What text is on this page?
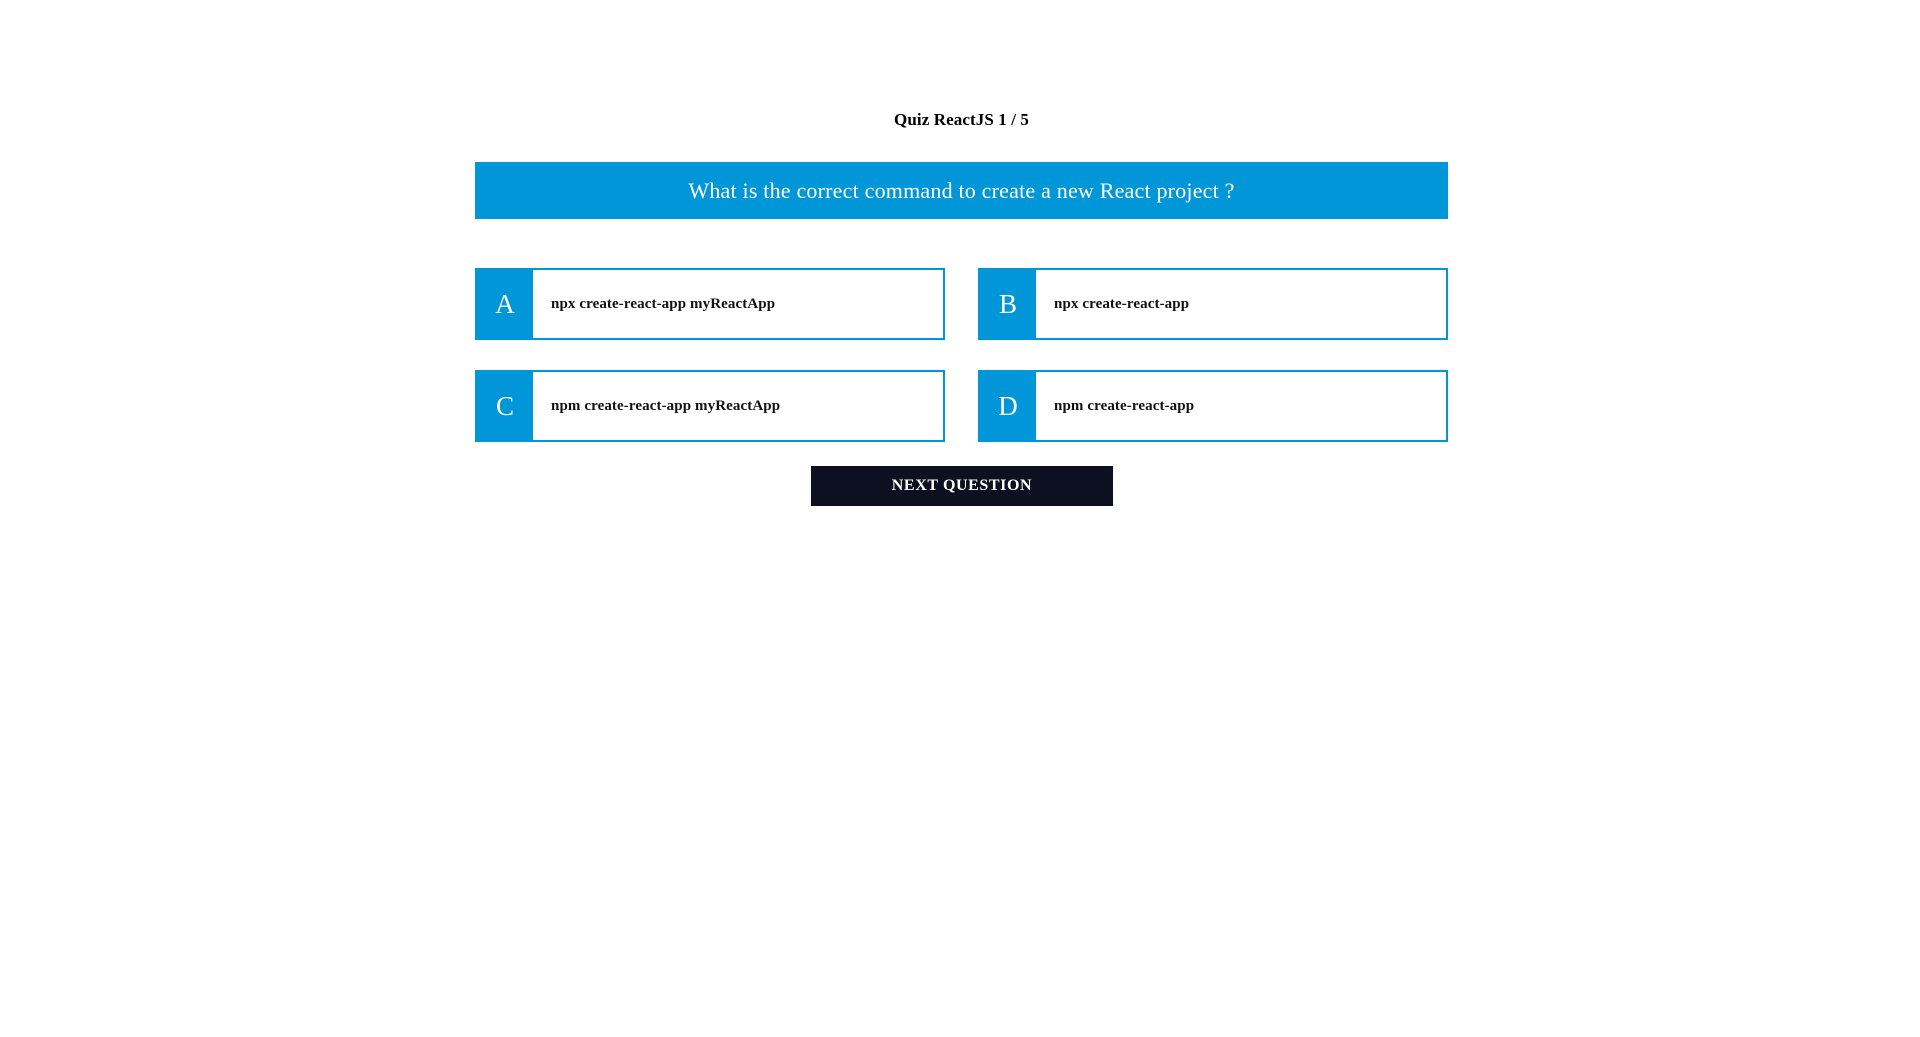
Quiz ReactJS 1 / 5
What is the correct command to create a new React project ?
A	npx create-react-app myReactApp	B	npx create-react-app
C	npm create-react-app myReactApp	D	npm create-react-app
NEXT QUESTION
